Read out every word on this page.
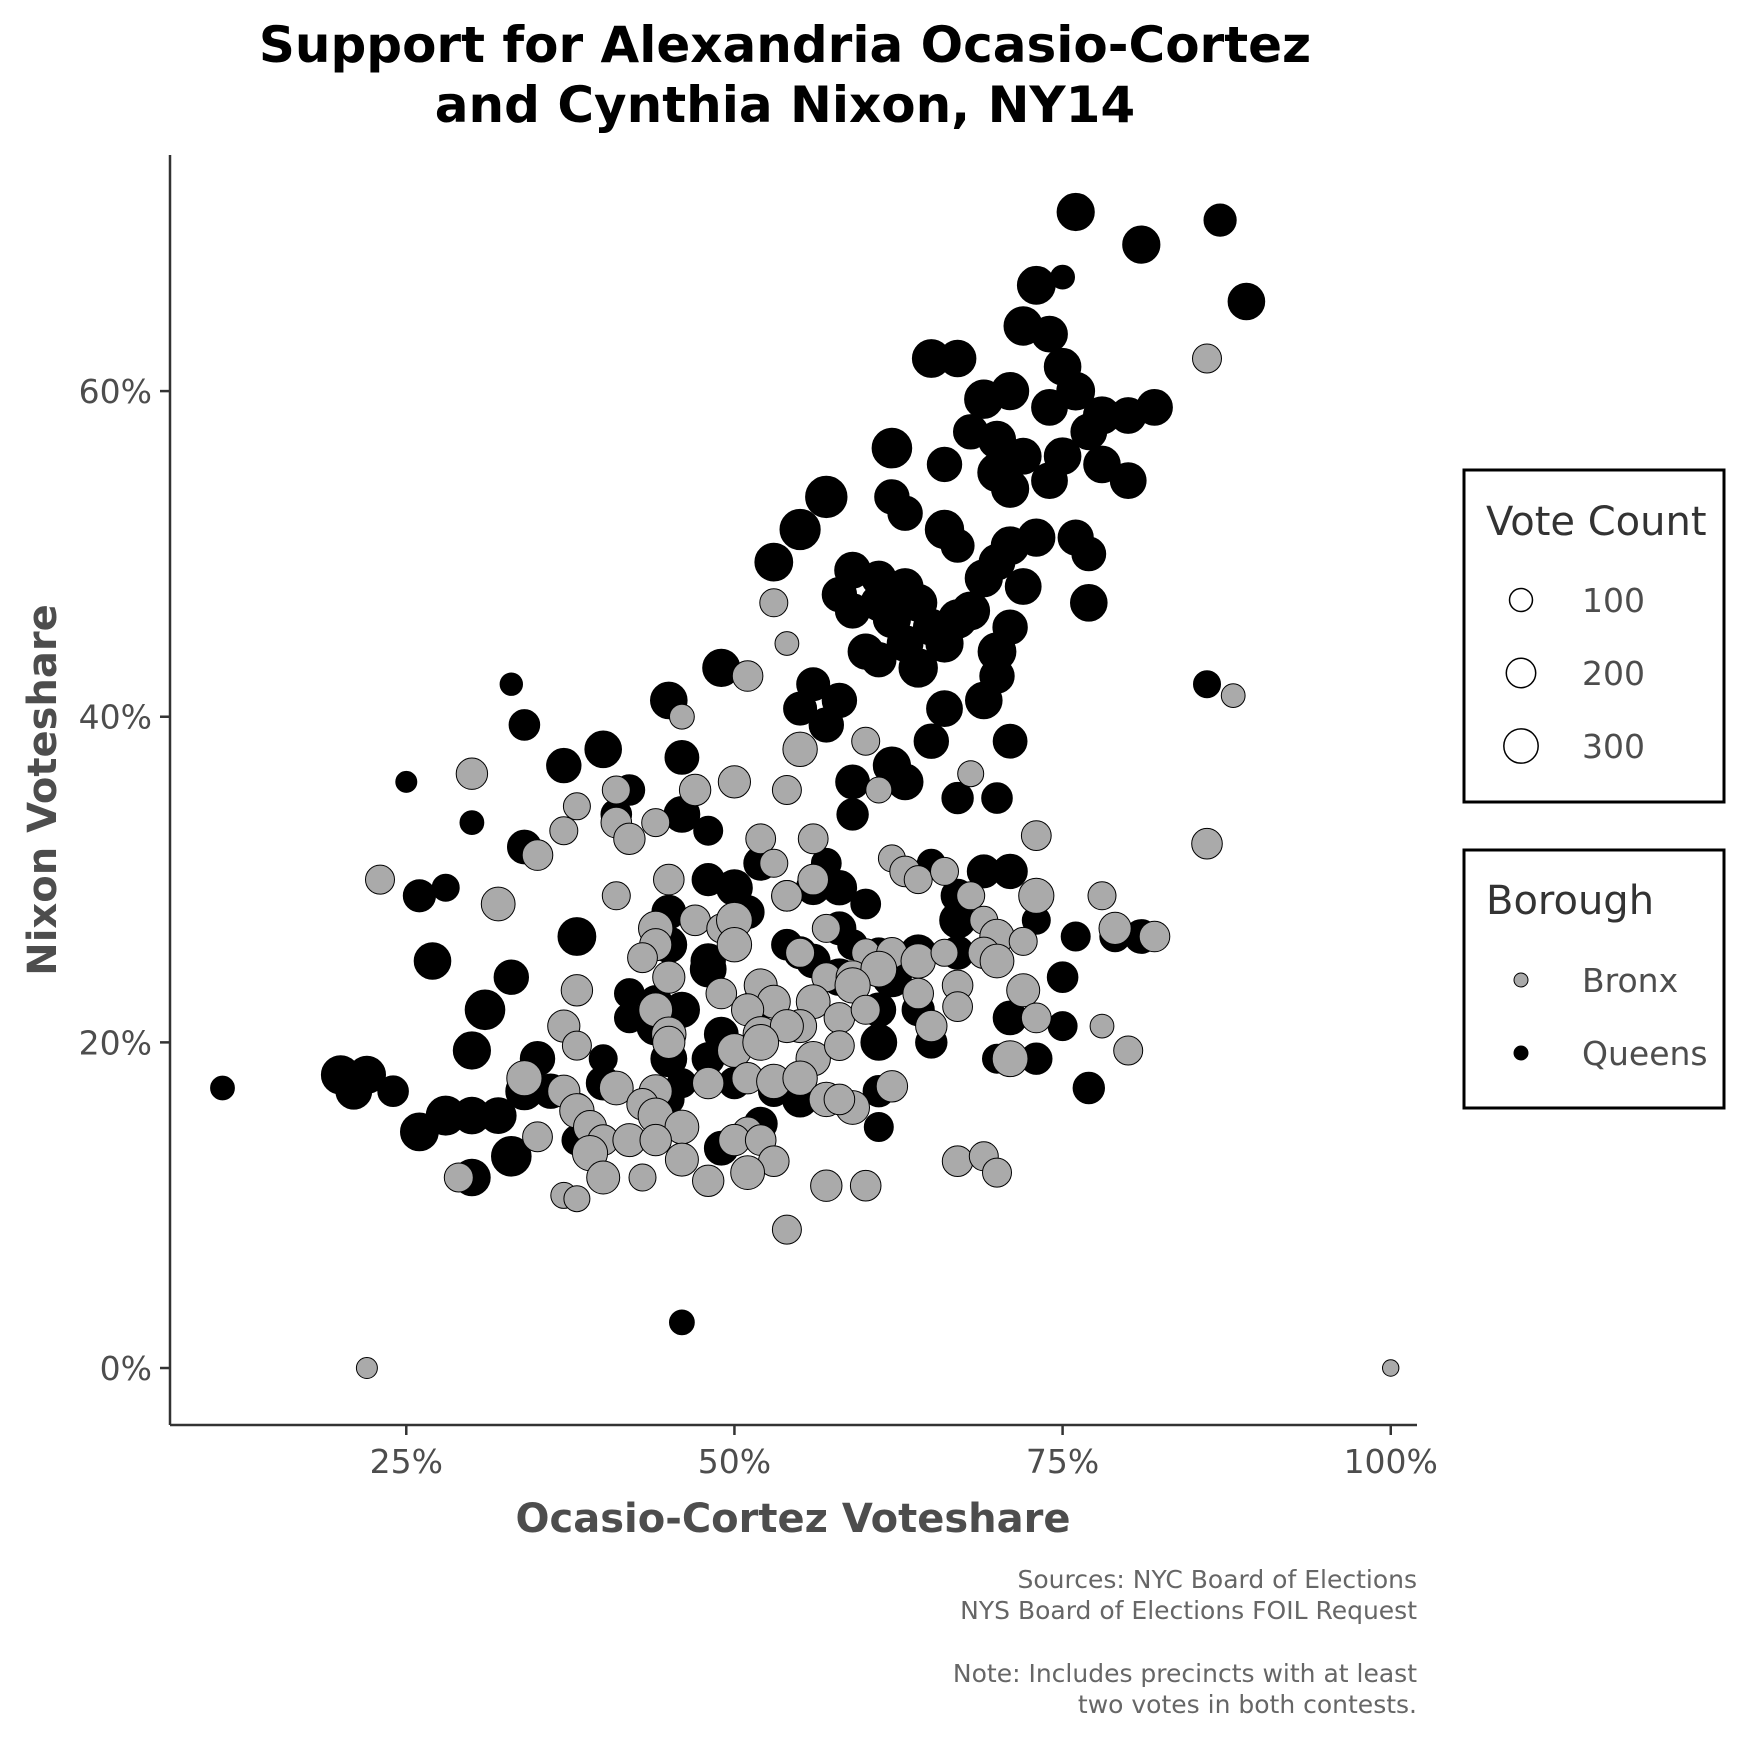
Support for Alexandria Ocasio-Cortez
and Cynthia Nixon, NY14
25%	50%	75%	100%
0%
20%
40%
60%
Ocasio-Cortez Voteshare
Nixon Voteshare
Vote Count
100
200
300
Borough
Bronx
Queens
Sources: NYC Board of Elections
NYS Board of Elections FOIL Request
Note: Includes precincts with at least
two votes in both contests.
